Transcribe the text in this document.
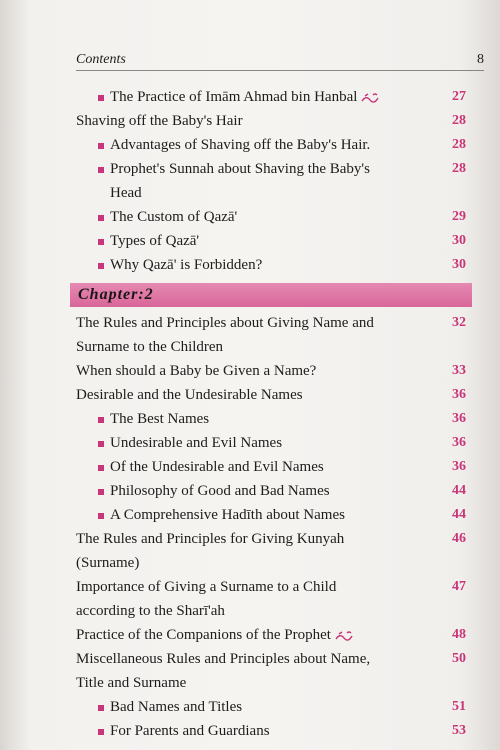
Contents	8
The Practice of Imām Ahmad bin Hanbal	27
Shaving off the Baby's Hair	28
Advantages of Shaving off the Baby's Hair.	28
Prophet's Sunnah about Shaving the Baby's	28
Head
The Custom of Qazā'	29
Types of Qazā'	30
Why Qazā' is Forbidden?	30
Chapter:2
The Rules and Principles about Giving Name and	32
Surname to the Children
When should a Baby be Given a Name?	33
Desirable and the Undesirable Names	36
The Best Names	36
Undesirable and Evil Names	36
Of the Undesirable and Evil Names	36
Philosophy of Good and Bad Names	44
A Comprehensive Hadīth about Names	44
The Rules and Principles for Giving Kunyah	46
(Surname)
Importance of Giving a Surname to a Child	47
according to the Sharī'ah
Practice of the Companions of the Prophet	48
Miscellaneous Rules and Principles about Name,	50
Title and Surname
Bad Names and Titles	51
For Parents and Guardians	53
